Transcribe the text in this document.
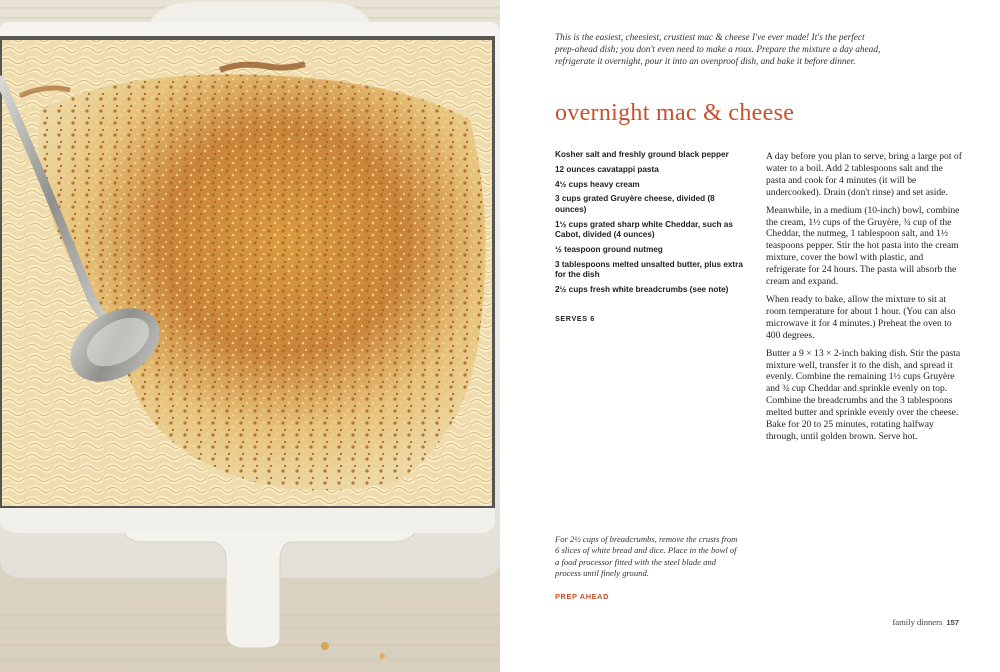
This is the easiest, cheesiest, crustiest mac & cheese I've ever made! It's the perfect prep-ahead dish; you don't even need to make a roux. Prepare the mixture a day ahead, refrigerate it overnight, pour it into an ovenproof dish, and bake it before dinner.

overnight mac & cheese
Kosher salt and freshly ground black pepper
12 ounces cavatappi pasta
4½ cups heavy cream
3 cups grated Gruyère cheese, divided (8 ounces)
1½ cups grated sharp white Cheddar, such as Cabot, divided (4 ounces)
½ teaspoon ground nutmeg
3 tablespoons melted unsalted butter, plus extra for the dish
2½ cups fresh white breadcrumbs (see note)
SERVES 6

A day before you plan to serve, bring a large pot of water to a boil. Add 2 tablespoons salt and the pasta and cook for 4 minutes (it will be undercooked). Drain (don't rinse) and set aside.

Meanwhile, in a medium (10-inch) bowl, combine the cream, 1½ cups of the Gruyère, ¾ cup of the Cheddar, the nutmeg, 1 tablespoon salt, and 1½ teaspoons pepper. Stir the hot pasta into the cream mixture, cover the bowl with plastic, and refrigerate for 24 hours. The pasta will absorb the cream and expand.

When ready to bake, allow the mixture to sit at room temperature for about 1 hour. (You can also microwave it for 4 minutes.) Preheat the oven to 400 degrees.

Butter a 9 × 13 × 2-inch baking dish. Stir the pasta mixture well, transfer it to the dish, and spread it evenly. Combine the remaining 1½ cups Gruyère and ¾ cup Cheddar and sprinkle evenly on top. Combine the breadcrumbs and the 3 tablespoons melted butter and sprinkle evenly over the cheese. Bake for 20 to 25 minutes, rotating halfway through, until golden brown. Serve hot.

For 2½ cups of breadcrumbs, remove the crusts from 6 slices of white bread and dice. Place in the bowl of a food processor fitted with the steel blade and process until finely ground.

PREP AHEAD
family dinners 157
